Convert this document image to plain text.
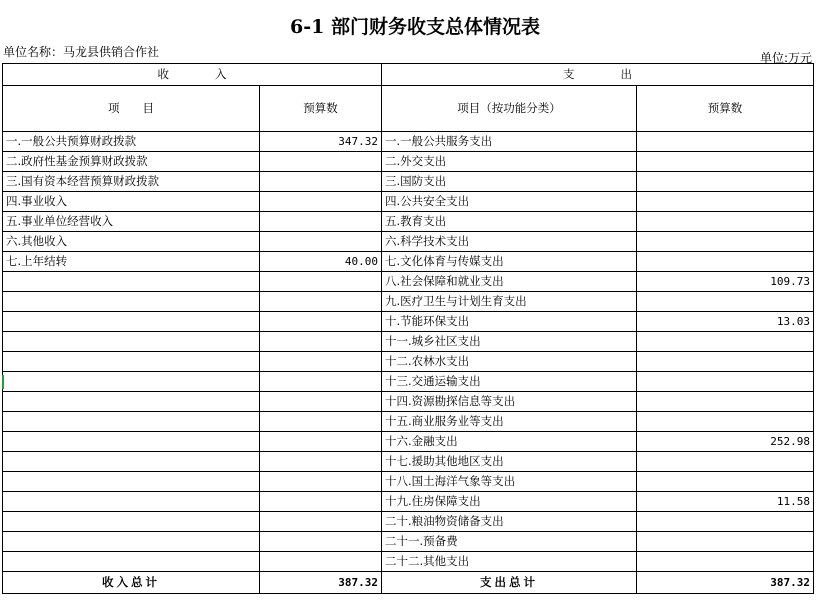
6-1 部门财务收支总体情况表
单位名称：马龙县供销合作社	单位:万元
收　　　　入		支　　　　出	
项　　目	预算数	项目（按功能分类）	预算数
一.一般公共预算财政拨款	347.32	一.一般公共服务支出	
二.政府性基金预算财政拨款		二.外交支出	
三.国有资本经营预算财政拨款		三.国防支出	
四.事业收入		四.公共安全支出	
五.事业单位经营收入		五.教育支出	
六.其他收入		六.科学技术支出	
七.上年结转	40.00	七.文化体育与传媒支出	
		八.社会保障和就业支出	109.73
		九.医疗卫生与计划生育支出	
		十.节能环保支出	13.03
		十一.城乡社区支出	
		十二.农林水支出	
		十三.交通运输支出	
		十四.资源勘探信息等支出	
		十五.商业服务业等支出	
		十六.金融支出	252.98
		十七.援助其他地区支出	
		十八.国土海洋气象等支出	
		十九.住房保障支出	11.58
		二十.粮油物资储备支出	
		二十一.预备费	
		二十二.其他支出	
收入总计	387.32	支出总计	387.32
